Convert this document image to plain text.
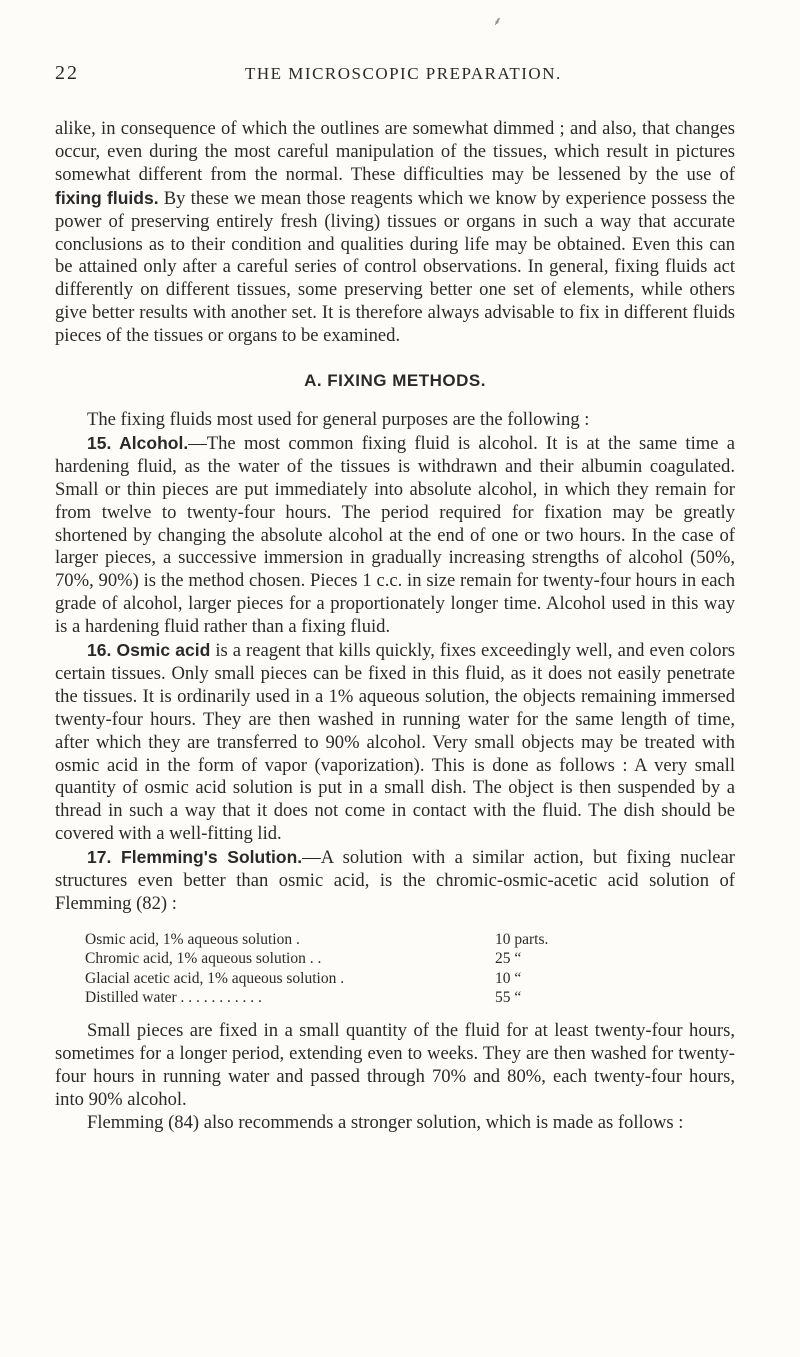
⸙
22	THE MICROSCOPIC PREPARATION.

alike, in consequence of which the outlines are somewhat dimmed ; and also, that changes occur, even during the most careful manipulation of the tissues, which result in pictures somewhat different from the normal. These difficulties may be lessened by the use of fixing fluids. By these we mean those reagents which we know by experience possess the power of preserving entirely fresh (living) tissues or organs in such a way that accurate conclusions as to their condition and qualities during life may be obtained. Even this can be attained only after a careful series of control observations. In general, fixing fluids act differently on different tissues, some preserving better one set of elements, while others give better results with another set. It is therefore always advisable to fix in different fluids pieces of the tissues or organs to be examined.

A. FIXING METHODS.

The fixing fluids most used for general purposes are the following :

15. Alcohol.—The most common fixing fluid is alcohol. It is at the same time a hardening fluid, as the water of the tissues is withdrawn and their albumin coagulated. Small or thin pieces are put immediately into absolute alcohol, in which they remain for from twelve to twenty-four hours. The period required for fixation may be greatly shortened by changing the absolute alcohol at the end of one or two hours. In the case of larger pieces, a successive immersion in gradually increasing strengths of alcohol (50%, 70%, 90%) is the method chosen. Pieces 1 c.c. in size remain for twenty-four hours in each grade of alcohol, larger pieces for a proportionately longer time. Alcohol used in this way is a hardening fluid rather than a fixing fluid.

16. Osmic acid is a reagent that kills quickly, fixes exceedingly well, and even colors certain tissues. Only small pieces can be fixed in this fluid, as it does not easily penetrate the tissues. It is ordinarily used in a 1% aqueous solution, the objects remaining immersed twenty-four hours. They are then washed in running water for the same length of time, after which they are transferred to 90% alcohol. Very small objects may be treated with osmic acid in the form of vapor (vaporization). This is done as follows : A very small quantity of osmic acid solution is put in a small dish. The object is then suspended by a thread in such a way that it does not come in contact with the fluid. The dish should be covered with a well-fitting lid.

17. Flemming's Solution.—A solution with a similar action, but fixing nuclear structures even better than osmic acid, is the chromic-osmic-acetic acid solution of Flemming (82) :

Osmic acid, 1% aqueous solution .	10 parts.
Chromic acid, 1% aqueous solution . .	25 “
Glacial acetic acid, 1% aqueous solution .	10 “
Distilled water . . . . . . . . . . .	55 “

Small pieces are fixed in a small quantity of the fluid for at least twenty-four hours, sometimes for a longer period, extending even to weeks. They are then washed for twenty-four hours in running water and passed through 70% and 80%, each twenty-four hours, into 90% alcohol.

Flemming (84) also recommends a stronger solution, which is made as follows :
